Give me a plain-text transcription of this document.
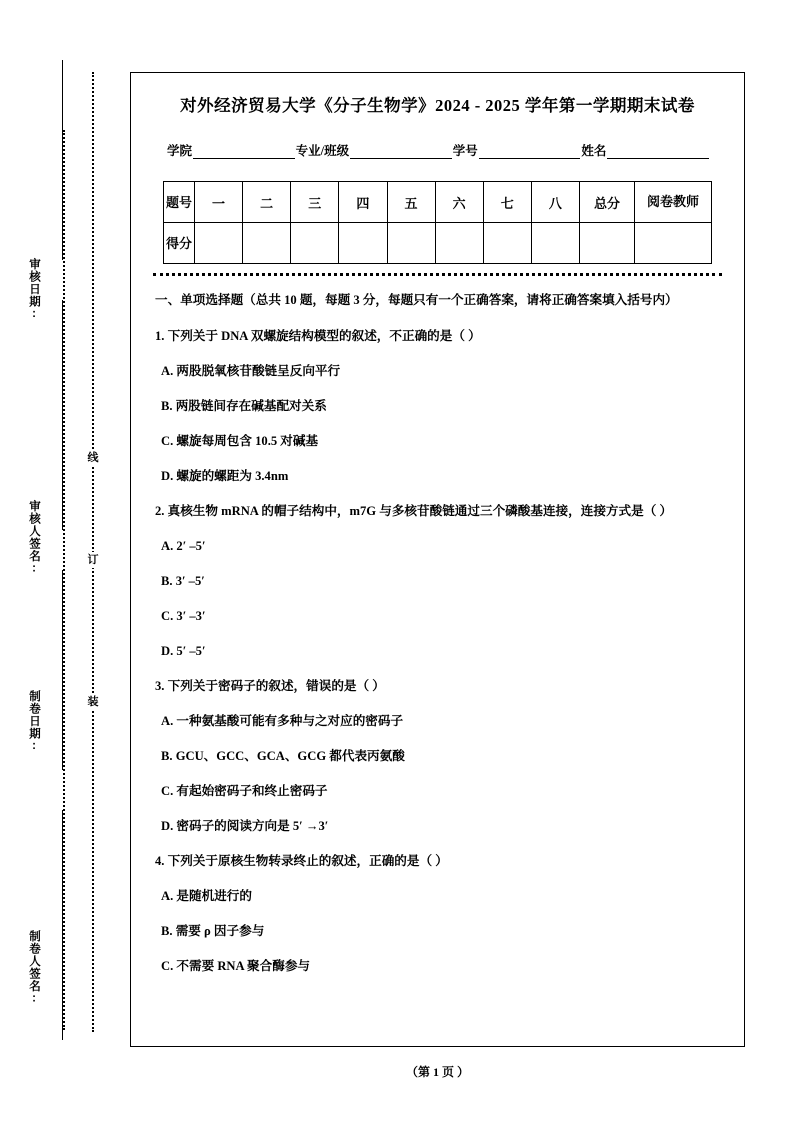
审核日期:
审核人签名:
制卷日期:
制卷人签名:
线
订
装
对外经济贸易大学《分子生物学》2024 - 2025 学年第一学期期末试卷
学院	专业/班级	学号	姓名
题号	一	二	三	四	五	六	七	八	总分	阅卷教师
得分										
一、单项选择题（总共 10 题，每题 3 分，每题只有一个正确答案，请将正确答案填入括号内）
1. 下列关于 DNA 双螺旋结构模型的叙述，不正确的是（ ）
A. 两股脱氧核苷酸链呈反向平行
B. 两股链间存在碱基配对关系
C. 螺旋每周包含 10.5 对碱基
D. 螺旋的螺距为 3.4nm
2. 真核生物 mRNA 的帽子结构中，m7G 与多核苷酸链通过三个磷酸基连接，连接方式是（ ）
A. 2′ –5′
B. 3′ –5′
C. 3′ –3′
D. 5′ –5′
3. 下列关于密码子的叙述，错误的是（ ）
A. 一种氨基酸可能有多种与之对应的密码子
B. GCU、GCC、GCA、GCG 都代表丙氨酸
C. 有起始密码子和终止密码子
D. 密码子的阅读方向是 5′ →3′
4. 下列关于原核生物转录终止的叙述，正确的是（ ）
A. 是随机进行的
B. 需要 ρ 因子参与
C. 不需要 RNA 聚合酶参与
（第 1 页 ）
